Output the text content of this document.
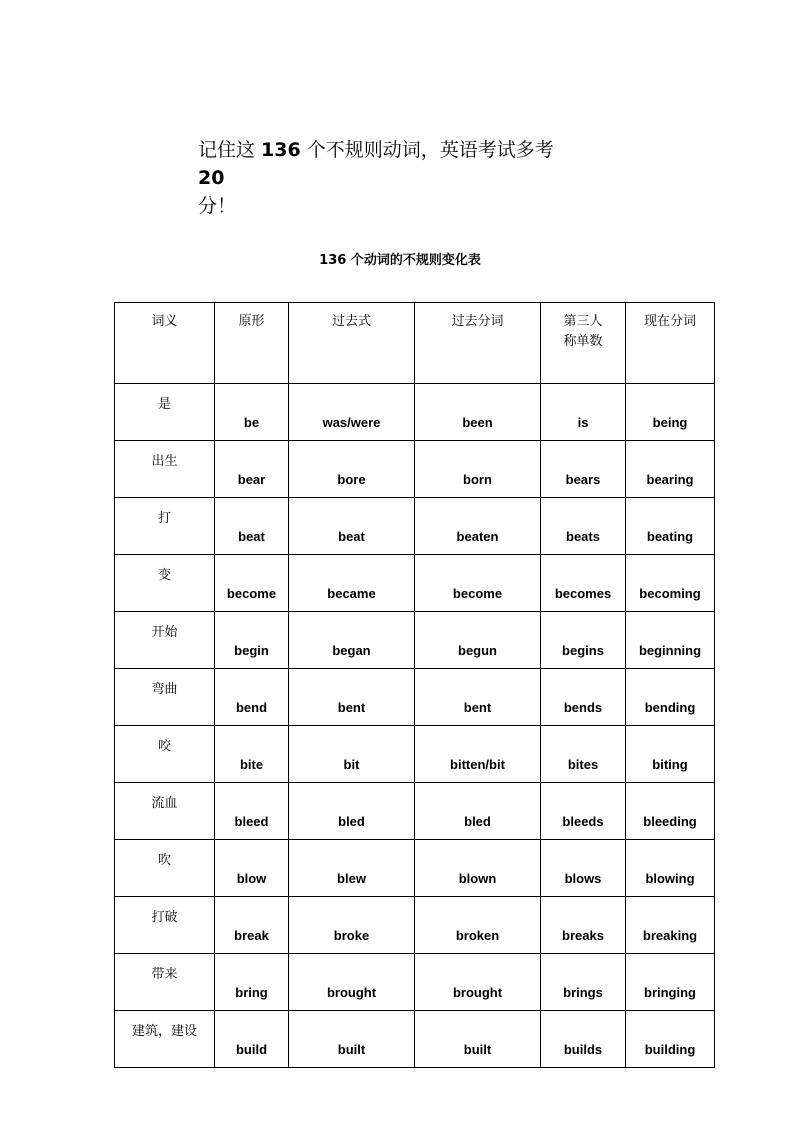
记住这 136 个不规则动词，英语考试多考 20
分！

136 个动词的不规则变化表

词义	原形	过去式	过去分词	第三人
称单数	现在分词
是	be	was/were	been	is	being
出生	bear	bore	born	bears	bearing
打	beat	beat	beaten	beats	beating
变	become	became	become	becomes	becoming
开始	begin	began	begun	begins	beginning
弯曲	bend	bent	bent	bends	bending
咬	bite	bit	bitten/bit	bites	biting
流血	bleed	bled	bled	bleeds	bleeding
吹	blow	blew	blown	blows	blowing
打破	break	broke	broken	breaks	breaking
带来	bring	brought	brought	brings	bringing
建筑，建设	build	built	built	builds	building
